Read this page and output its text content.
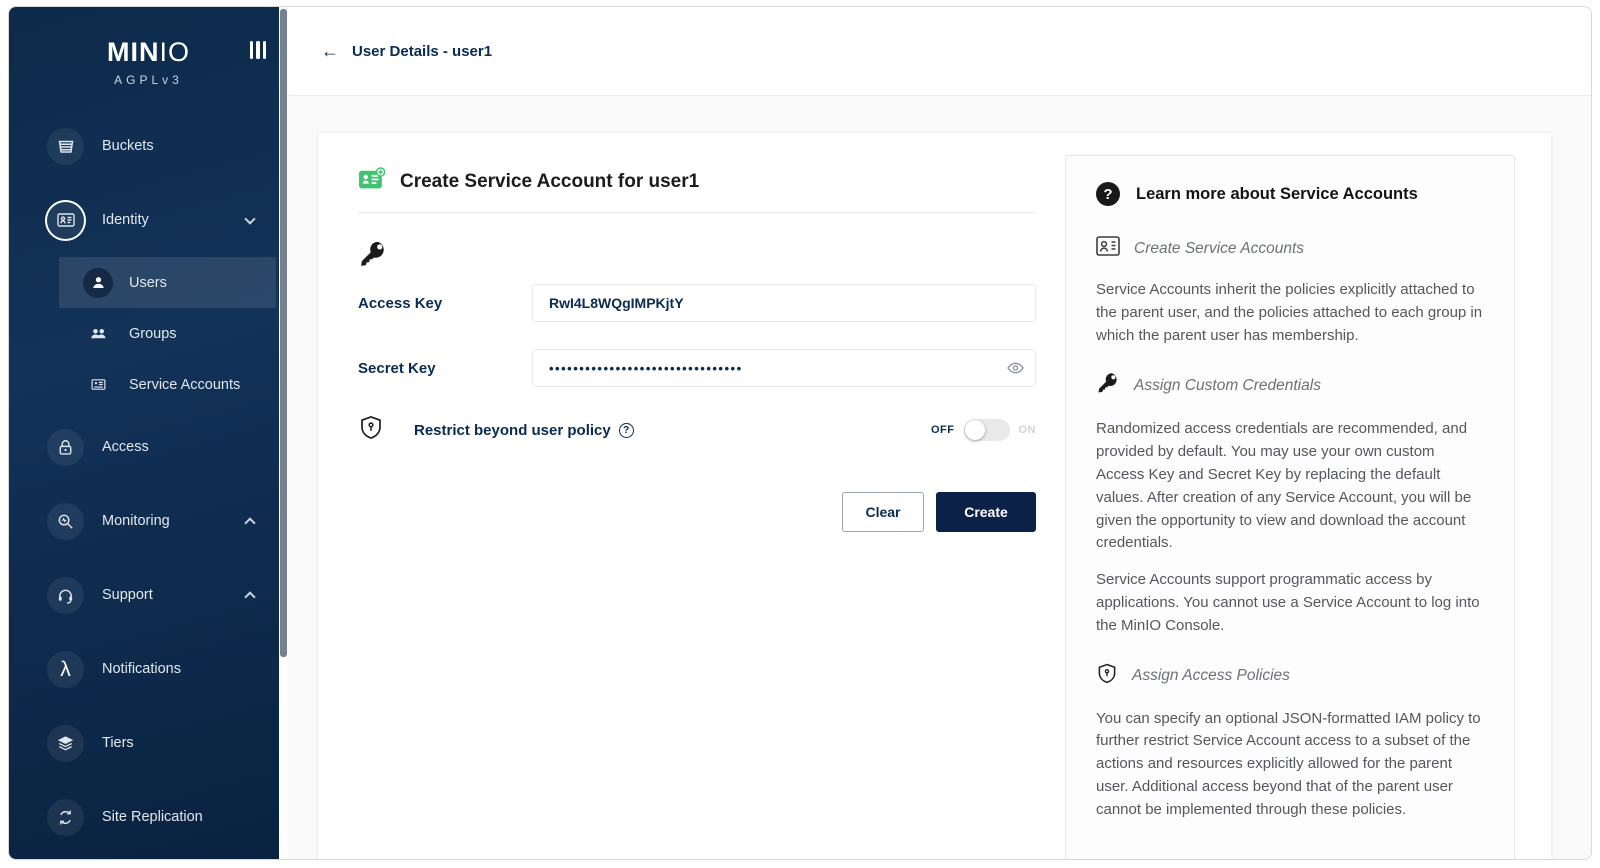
MINIO
AGPLv3
Buckets
Identity
Users
Groups
Service Accounts
Access
Monitoring
Support
λ Notifications
Tiers
Site Replication
← User Details - user1
Create Service Account for user1
Access Key
RwI4L8WQgIMPKjtY
Secret Key
••••••••••••••••••••••••••••••••
Restrict beyond user policy	?	OFF	ON
Clear	Create
?	Learn more about Service Accounts
Create Service Accounts

Service Accounts inherit the policies explicitly attached to the parent user, and the policies attached to each group in which the parent user has membership.

Assign Custom Credentials

Randomized access credentials are recommended, and provided by default. You may use your own custom Access Key and Secret Key by replacing the default values. After creation of any Service Account, you will be given the opportunity to view and download the account credentials.

Service Accounts support programmatic access by applications. You cannot use a Service Account to log into the MinIO Console.

Assign Access Policies

You can specify an optional JSON-formatted IAM policy to further restrict Service Account access to a subset of the actions and resources explicitly allowed for the parent user. Additional access beyond that of the parent user cannot be implemented through these policies.
